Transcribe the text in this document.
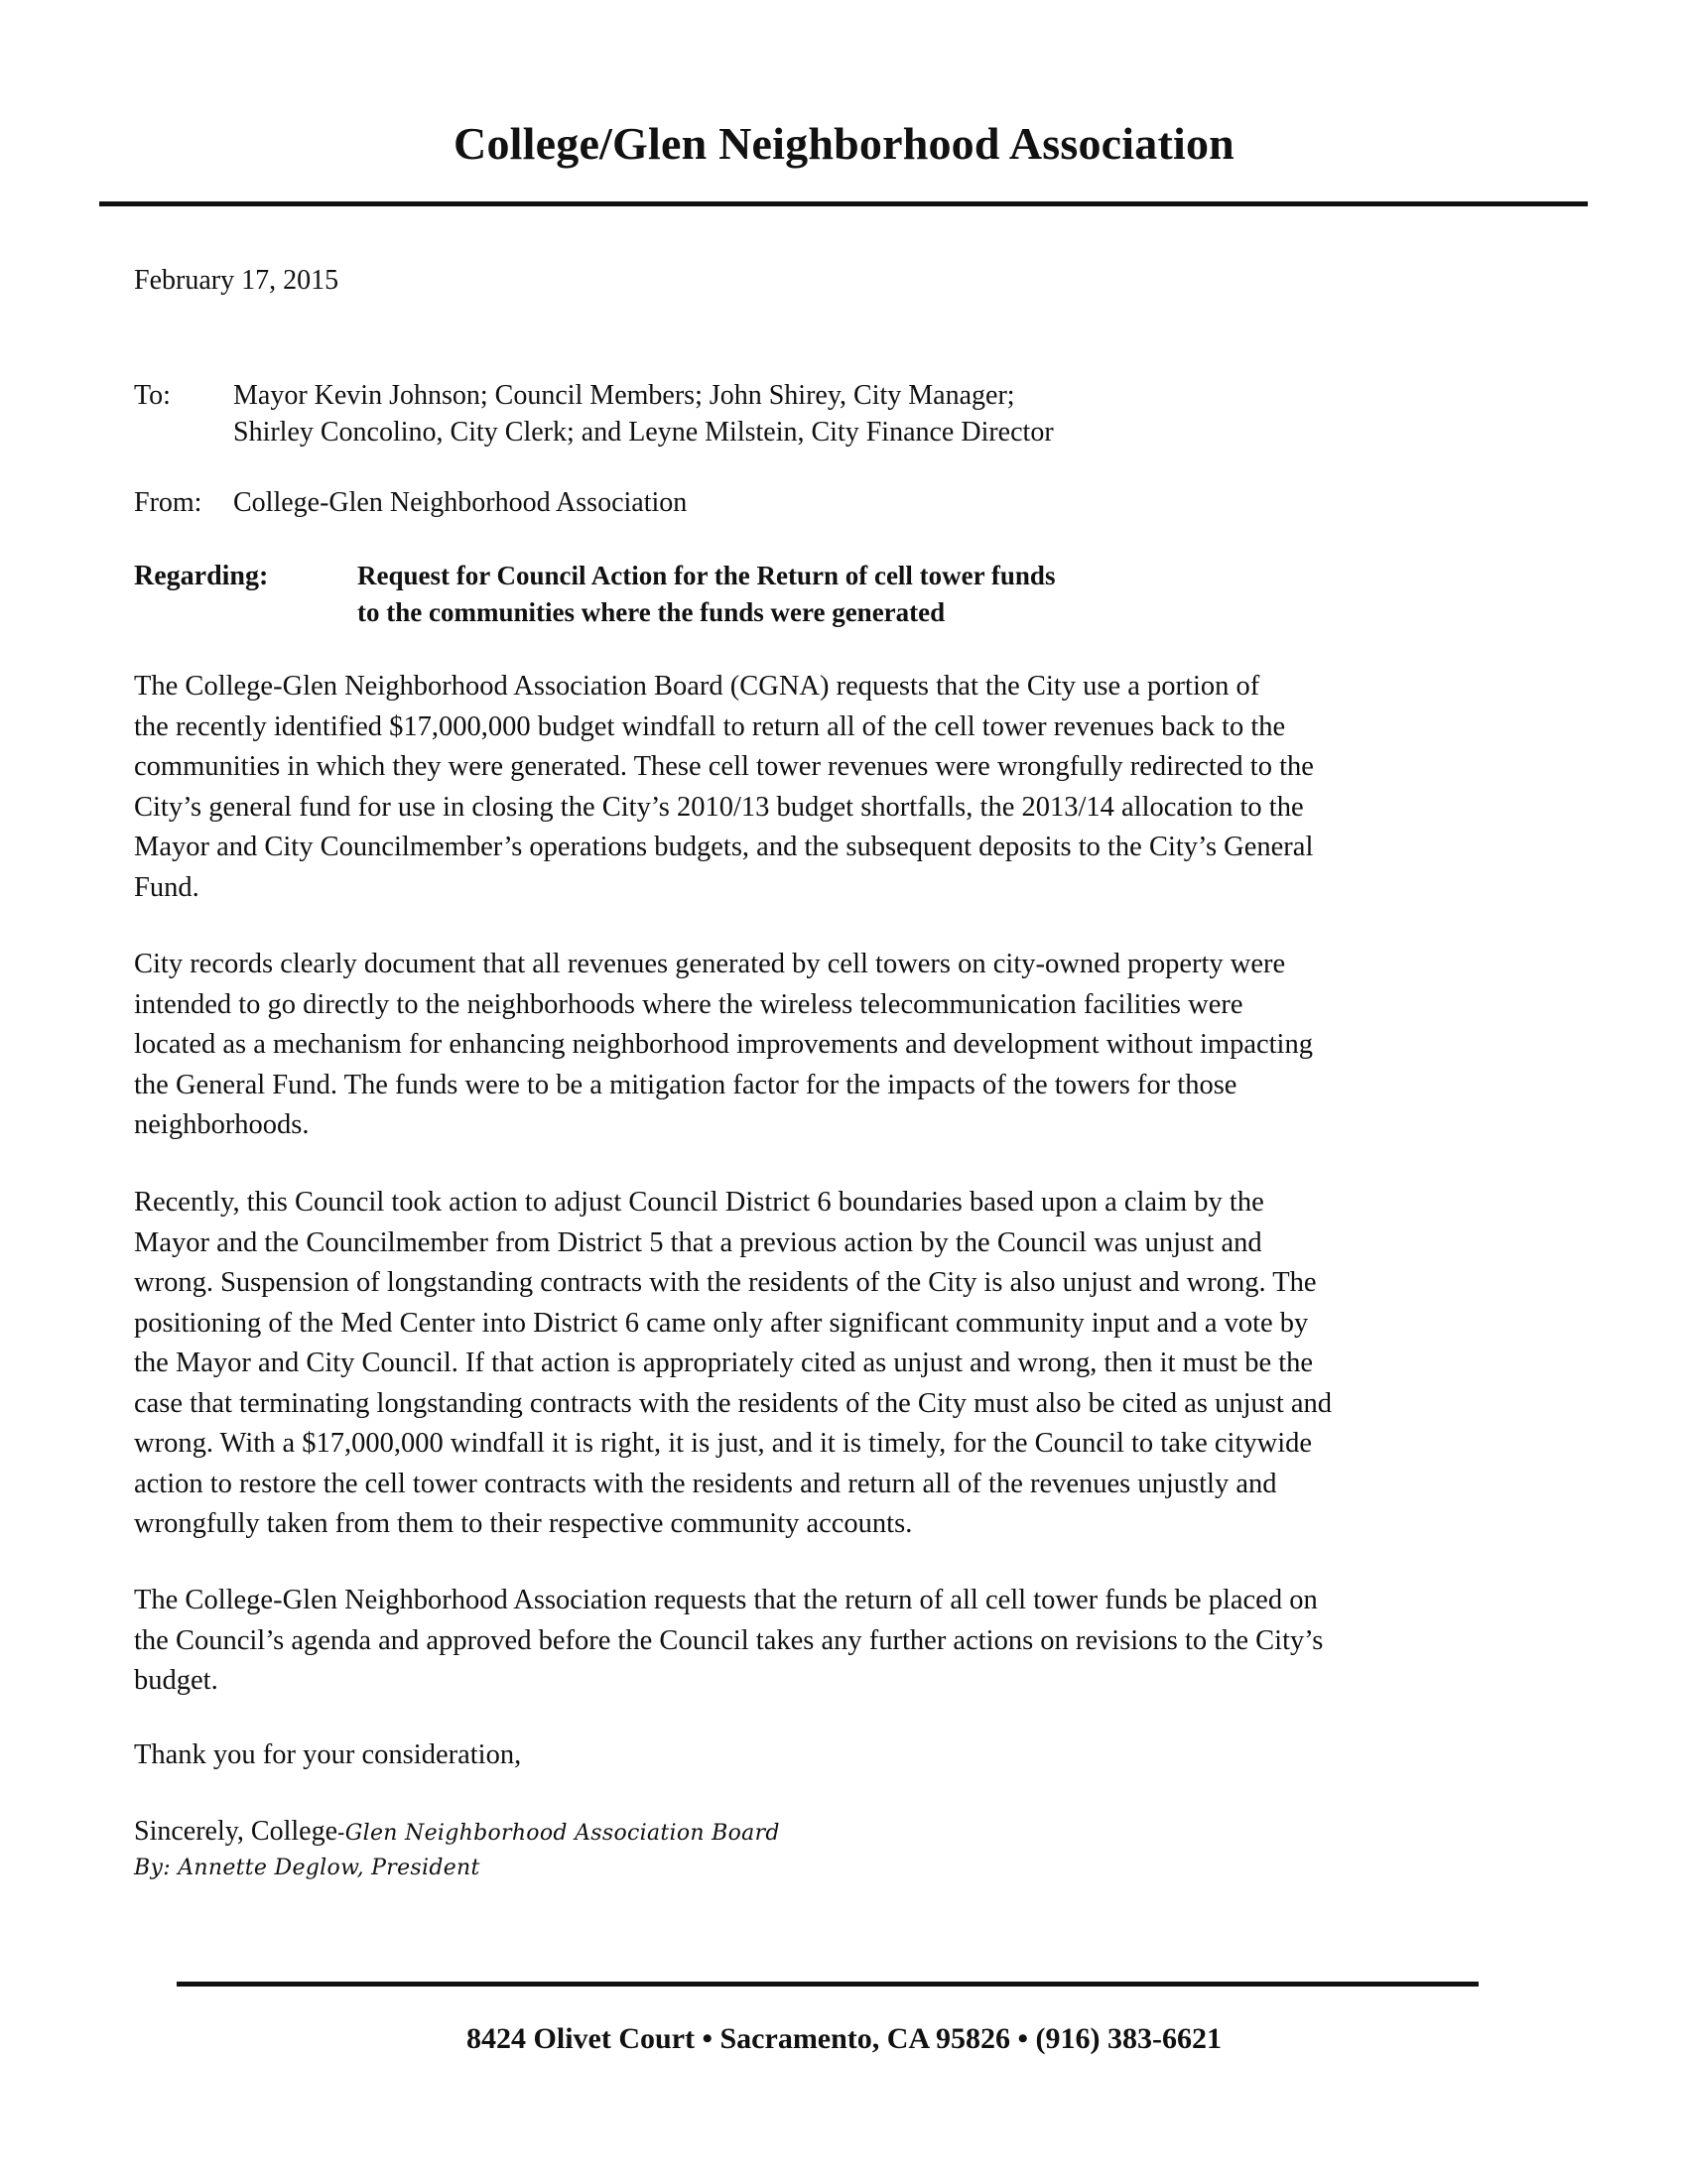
College/Glen Neighborhood Association
February 17, 2015
To: Mayor Kevin Johnson; Council Members; John Shirey, City Manager;
Shirley Concolino, City Clerk; and Leyne Milstein, City Finance Director
From: College-Glen Neighborhood Association
Regarding:	Request for Council Action for the Return of cell tower funds
to the communities where the funds were generated
The College-Glen Neighborhood Association Board (CGNA) requests that the City use a portion of
the recently identified $17,000,000 budget windfall to return all of the cell tower revenues back to the
communities in which they were generated. These cell tower revenues were wrongfully redirected to the
City’s general fund for use in closing the City’s 2010/13 budget shortfalls, the 2013/14 allocation to the
Mayor and City Councilmember’s operations budgets, and the subsequent deposits to the City’s General
Fund.
City records clearly document that all revenues generated by cell towers on city-owned property were
intended to go directly to the neighborhoods where the wireless telecommunication facilities were
located as a mechanism for enhancing neighborhood improvements and development without impacting
the General Fund. The funds were to be a mitigation factor for the impacts of the towers for those
neighborhoods.
Recently, this Council took action to adjust Council District 6 boundaries based upon a claim by the
Mayor and the Councilmember from District 5 that a previous action by the Council was unjust and
wrong. Suspension of longstanding contracts with the residents of the City is also unjust and wrong. The
positioning of the Med Center into District 6 came only after significant community input and a vote by
the Mayor and City Council. If that action is appropriately cited as unjust and wrong, then it must be the
case that terminating longstanding contracts with the residents of the City must also be cited as unjust and
wrong. With a $17,000,000 windfall it is right, it is just, and it is timely, for the Council to take citywide
action to restore the cell tower contracts with the residents and return all of the revenues unjustly and
wrongfully taken from them to their respective community accounts.
The College-Glen Neighborhood Association requests that the return of all cell tower funds be placed on
the Council’s agenda and approved before the Council takes any further actions on revisions to the City’s
budget.
Thank you for your consideration,
Sincerely, College-Glen Neighborhood Association Board
By: Annette Deglow, President
8424 Olivet Court • Sacramento, CA 95826 • (916) 383-6621
